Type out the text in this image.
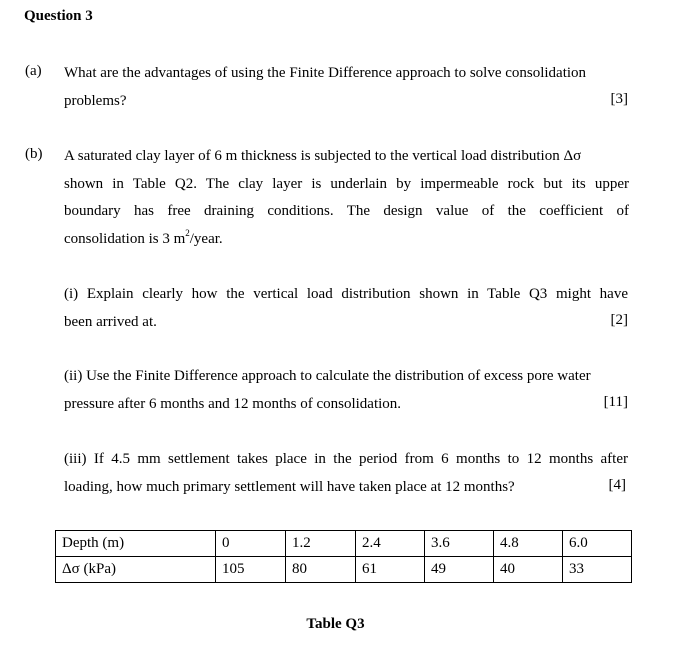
Question 3
(a) What are the advantages of using the Finite Difference approach to solve consolidation
problems?	[3]
(b) A saturated clay layer of 6 m thickness is subjected to the vertical load distribution Δσ
shown in Table Q2. The clay layer is underlain by impermeable rock but its upper
boundary has free draining conditions. The design value of the coefficient of
consolidation is 3 $m^2$/year.
(i) Explain clearly how the vertical load distribution shown in Table Q3 might have
been arrived at.	[2]
(ii) Use the Finite Difference approach to calculate the distribution of excess pore water
pressure after 6 months and 12 months of consolidation.	[11]
(iii) If 4.5 mm settlement takes place in the period from 6 months to 12 months after
loading, how much primary settlement will have taken place at 12 months?	[4]
Depth (m)	0	1.2	2.4	3.6	4.8	6.0
Δσ (kPa)	105	80	61	49	40	33
Table Q3
